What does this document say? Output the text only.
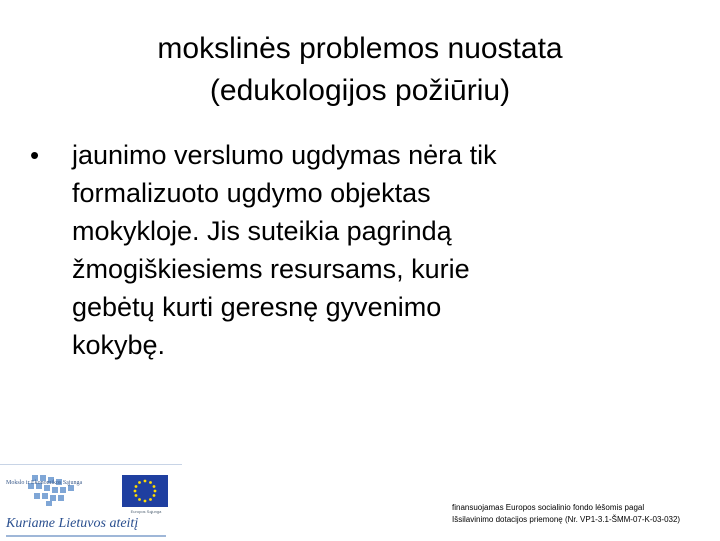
mokslinės problemos nuostata
(edukologijos požiūriu)
•	jaunimo verslumo ugdymas nėra tik
formalizuoto ugdymo objektas
mokykloje. Jis suteikia pagrindą
žmogiškiesiems resursams, kurie
gebėtų kurti geresnę gyvenimo
kokybę.
Mokslo ir Ekonomikos Sąjunga
Europos Sąjunga
Kuriame Lietuvos ateitį
finansuojamas Europos socialinio fondo lėšomis pagal
Išsilavinimo dotacijos priemonę (Nr. VP1-3.1-ŠMM-07-K-03-032)
